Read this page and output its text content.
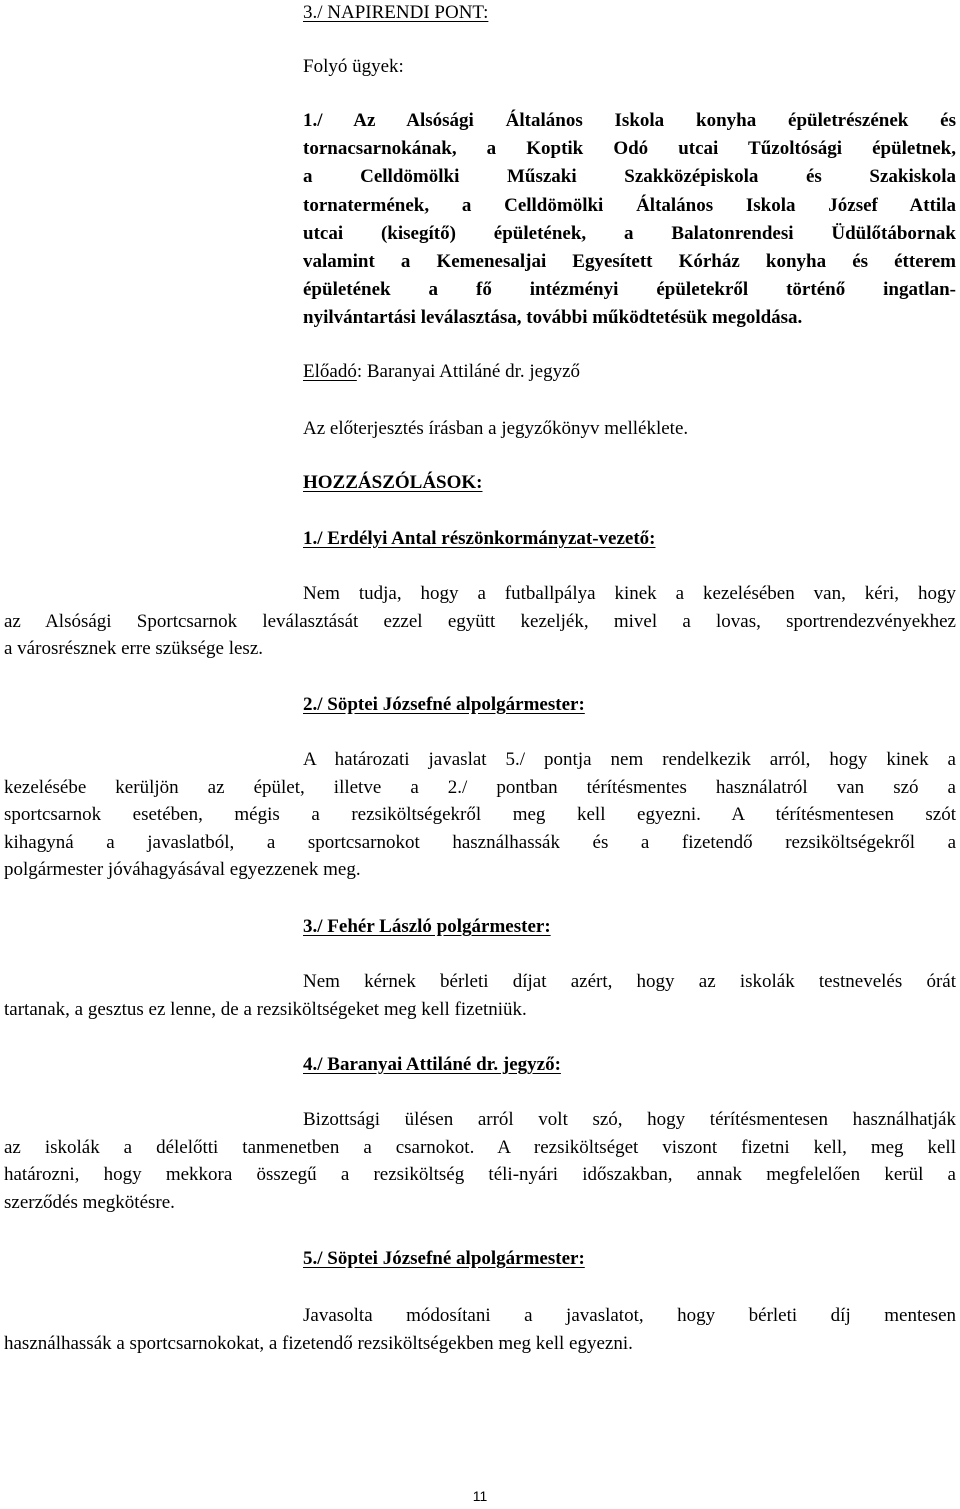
3./ NAPIRENDI PONT:

Folyó ügyek:

1./ Az Alsósági Általános Iskola konyha épületrészének és
tornacsarnokának, a Koptik Odó utcai Tűzoltósági épületnek,
a Celldömölki Műszaki Szakközépiskola és Szakiskola
tornatermének, a Celldömölki Általános Iskola József Attila
utcai (kisegítő) épületének, a Balatonrendesi Üdülőtábornak
valamint a Kemenesaljai Egyesített Kórház konyha és étterem
épületének a fő intézményi épületekről történő ingatlan-
nyilvántartási leválasztása, további működtetésük megoldása.

Előadó: Baranyai Attiláné dr. jegyző

Az előterjesztés írásban a jegyzőkönyv melléklete.

HOZZÁSZÓLÁSOK:

1./ Erdélyi Antal részönkormányzat-vezető:

Nem tudja, hogy a futballpálya kinek a kezelésében van, kéri, hogy
az Alsósági Sportcsarnok leválasztását ezzel együtt kezeljék, mivel a lovas, sportrendezvényekhez
a városrésznek erre szüksége lesz.

2./ Söptei Józsefné alpolgármester:

A határozati javaslat 5./ pontja nem rendelkezik arról, hogy kinek a
kezelésébe kerüljön az épület, illetve a 2./ pontban térítésmentes használatról van szó a
sportcsarnok esetében, mégis a rezsiköltségekről meg kell egyezni. A térítésmentesen szót
kihagyná a javaslatból, a sportcsarnokot használhassák és a fizetendő rezsiköltségekről a
polgármester jóváhagyásával egyezzenek meg.

3./ Fehér László polgármester:

Nem kérnek bérleti díjat azért, hogy az iskolák testnevelés órát
tartanak, a gesztus ez lenne, de a rezsiköltségeket meg kell fizetniük.

4./ Baranyai Attiláné dr. jegyző:

Bizottsági ülésen arról volt szó, hogy térítésmentesen használhatják
az iskolák a délelőtti tanmenetben a csarnokot. A rezsiköltséget viszont fizetni kell, meg kell
határozni, hogy mekkora összegű a rezsiköltség téli-nyári időszakban, annak megfelelően kerül a
szerződés megkötésre.

5./ Söptei Józsefné alpolgármester:

Javasolta módosítani a javaslatot, hogy bérleti díj mentesen
használhassák a sportcsarnokokat, a fizetendő rezsiköltségekben meg kell egyezni.

11
